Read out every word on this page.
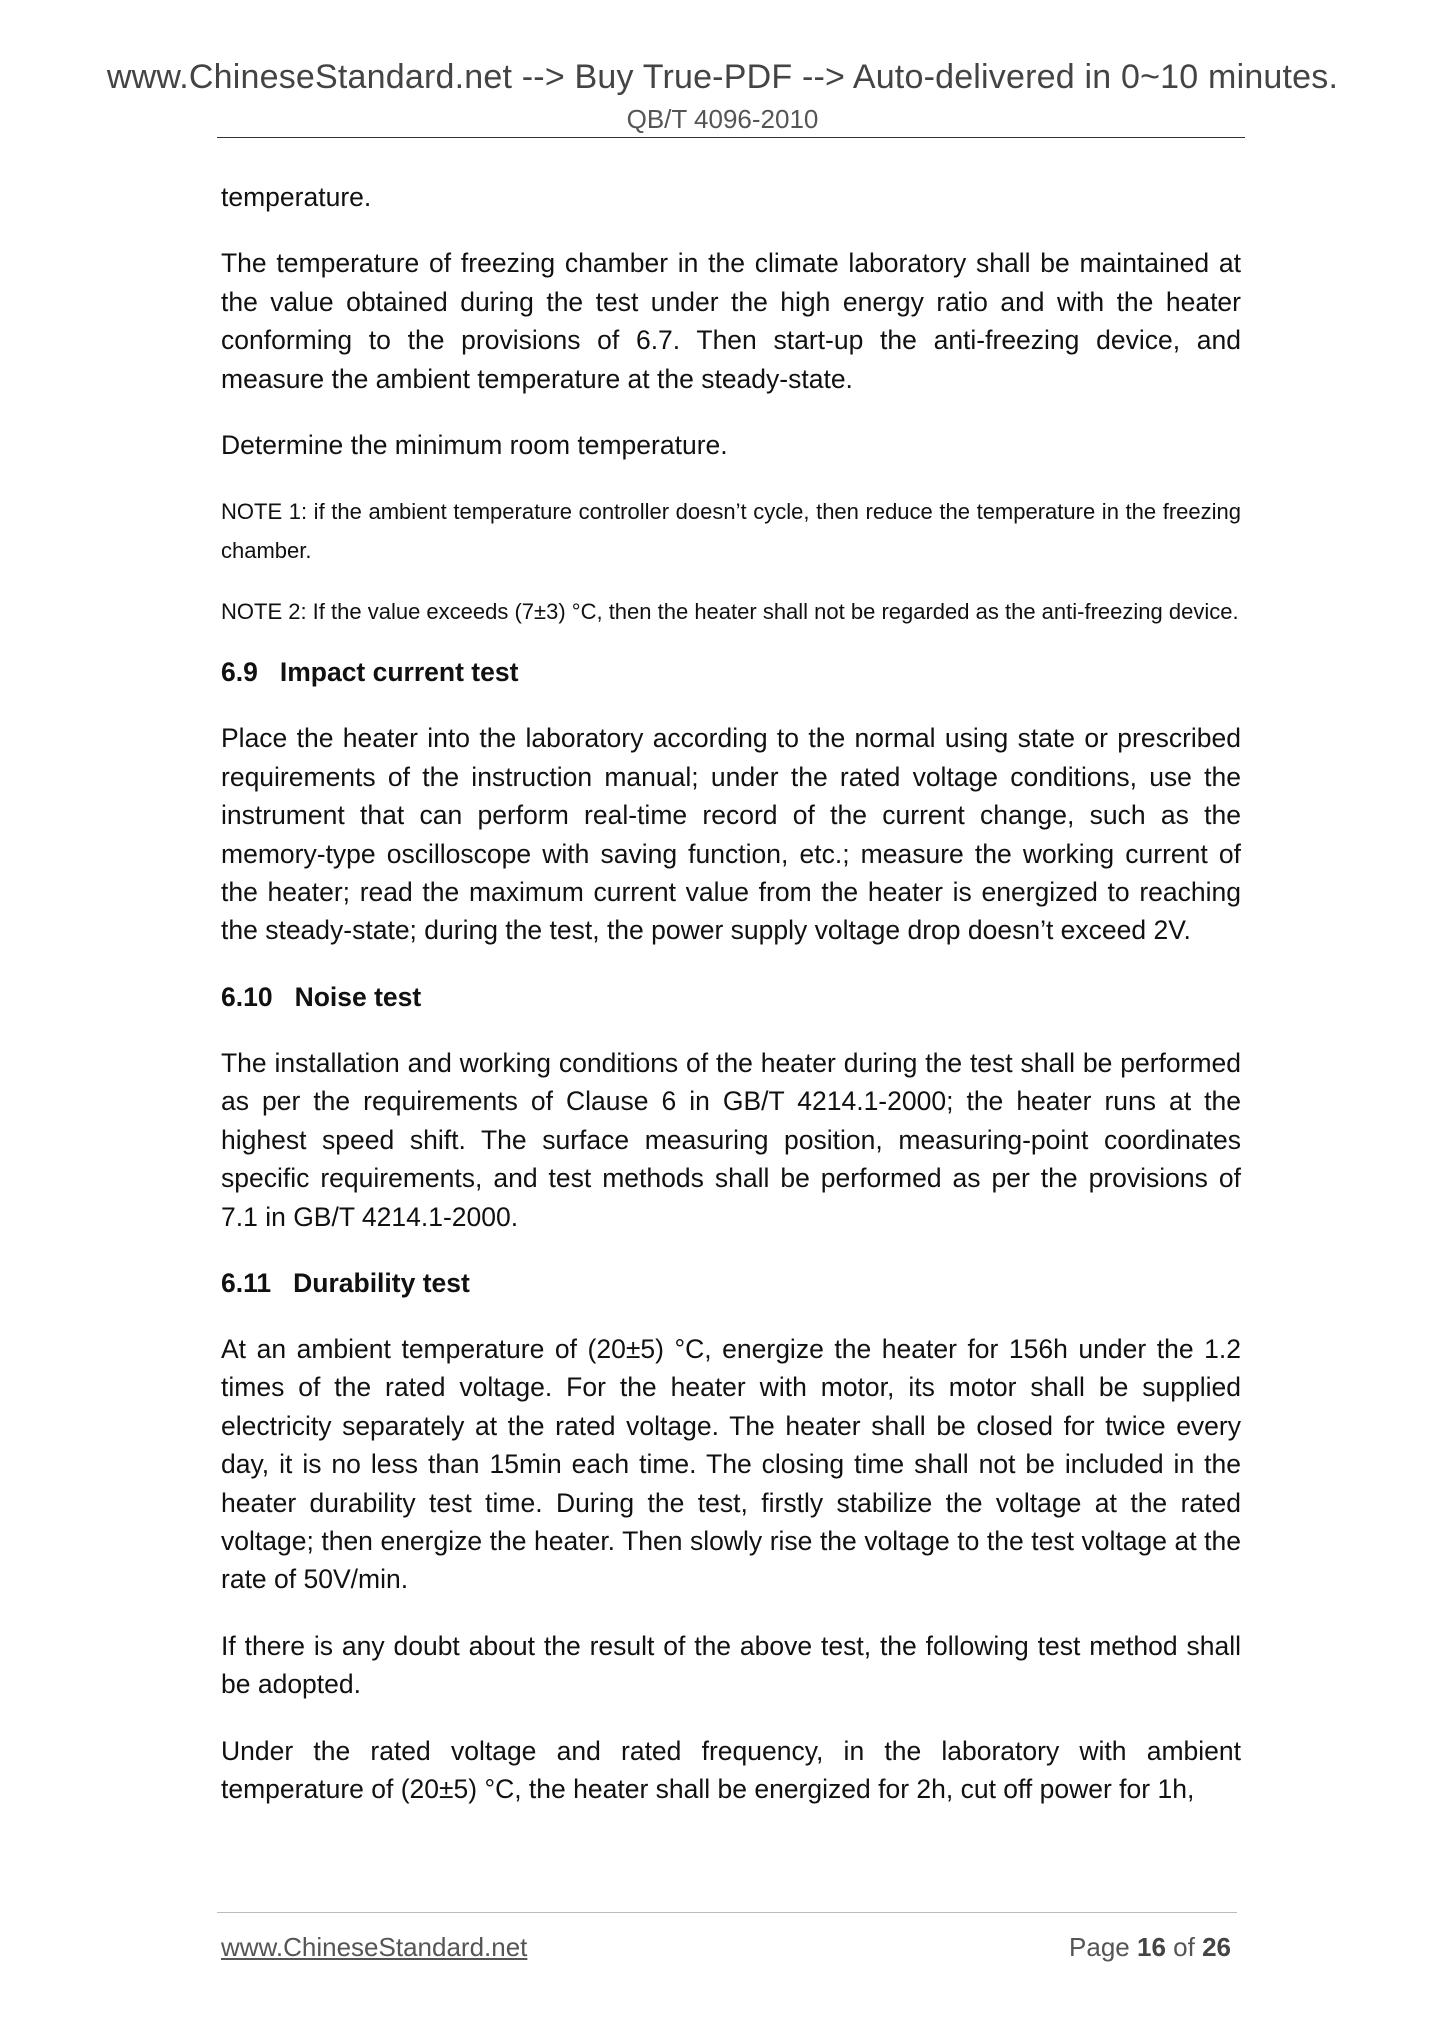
www.ChineseStandard.net --> Buy True-PDF --> Auto-delivered in 0~10 minutes.
QB/T 4096-2010

temperature.

The temperature of freezing chamber in the climate laboratory shall be maintained at the value obtained during the test under the high energy ratio and with the heater conforming to the provisions of 6.7. Then start-up the anti-freezing device, and measure the ambient temperature at the steady-state.

Determine the minimum room temperature.

NOTE 1: if the ambient temperature controller doesn’t cycle, then reduce the temperature in the freezing chamber.

NOTE 2: If the value exceeds (7±3) °C, then the heater shall not be regarded as the anti-freezing device.

6.9 Impact current test

Place the heater into the laboratory according to the normal using state or prescribed requirements of the instruction manual; under the rated voltage conditions, use the instrument that can perform real-time record of the current change, such as the memory-type oscilloscope with saving function, etc.; measure the working current of the heater; read the maximum current value from the heater is energized to reaching the steady-state; during the test, the power supply voltage drop doesn’t exceed 2V.

6.10 Noise test

The installation and working conditions of the heater during the test shall be performed as per the requirements of Clause 6 in GB/T 4214.1-2000; the heater runs at the highest speed shift. The surface measuring position, measuring-point coordinates specific requirements, and test methods shall be performed as per the provisions of 7.1 in GB/T 4214.1-2000.

6.11 Durability test

At an ambient temperature of (20±5) °C, energize the heater for 156h under the 1.2 times of the rated voltage. For the heater with motor, its motor shall be supplied electricity separately at the rated voltage. The heater shall be closed for twice every day, it is no less than 15min each time. The closing time shall not be included in the heater durability test time. During the test, firstly stabilize the voltage at the rated voltage; then energize the heater. Then slowly rise the voltage to the test voltage at the rate of 50V/min.

If there is any doubt about the result of the above test, the following test method shall be adopted.

Under the rated voltage and rated frequency, in the laboratory with ambient temperature of (20±5) °C, the heater shall be energized for 2h, cut off power for 1h,

www.ChineseStandard.net	Page 16 of 26
